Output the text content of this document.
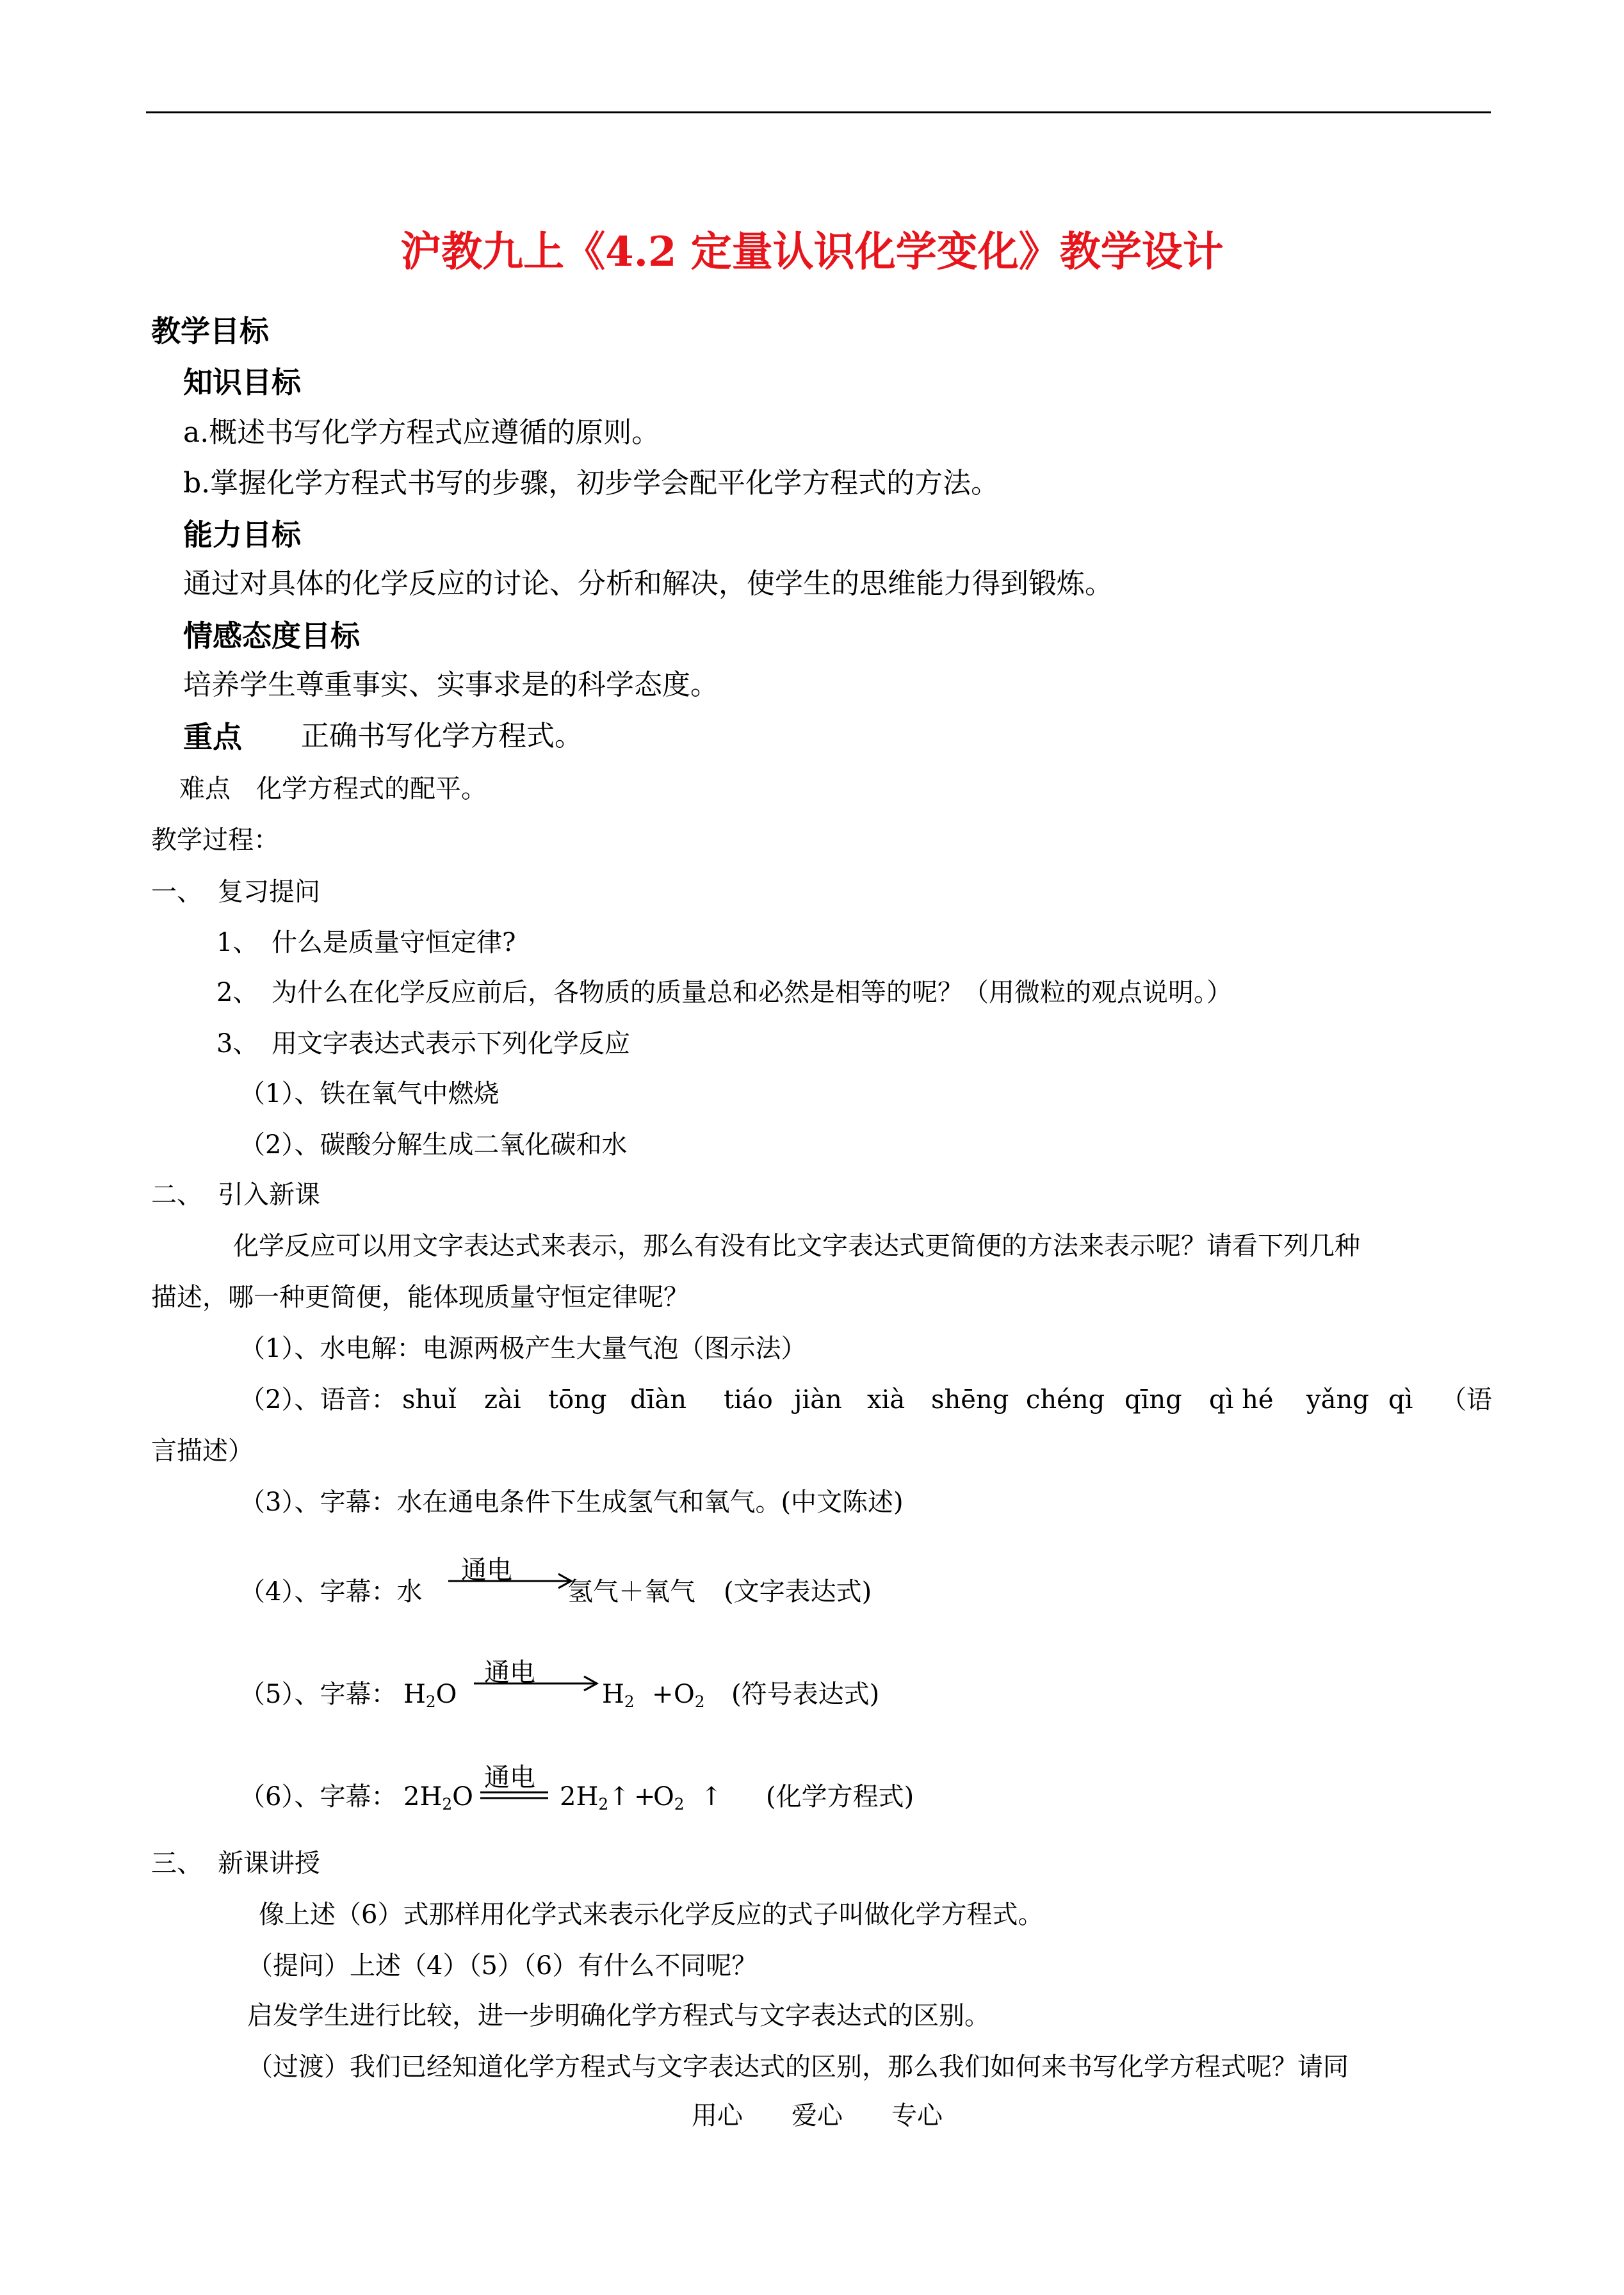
沪教九上《4.2 定量认识化学变化》教学设计
教学目标
知识目标
a.概述书写化学方程式应遵循的原则。
b.掌握化学方程式书写的步骤，初步学会配平化学方程式的方法。
能力目标
通过对具体的化学反应的讨论、分析和解决，使学生的思维能力得到锻炼。
情感态度目标
培养学生尊重事实、实事求是的科学态度。
重点 正确书写化学方程式。
难点 化学方程式的配平。
教学过程：
一、 复习提问
1、 什么是质量守恒定律?
2、 为什么在化学反应前后，各物质的质量总和必然是相等的呢？（用微粒的观点说明。）
3、 用文字表达式表示下列化学反应
（1）、铁在氧气中燃烧
（2）、碳酸分解生成二氧化碳和水
二、 引入新课
化学反应可以用文字表达式来表示，那么有没有比文字表达式更简便的方法来表示呢？请看下列几种
描述，哪一种更简便，能体现质量守恒定律呢？
（1）、水电解：电源两极产生大量气泡（图示法）
（2）、语音： shuǐ zài tōng dīàn tiáo jiàn xià shēng chéng qīng qì hé yǎng qì （语
言描述）
（3）、字幕：水在通电条件下生成氢气和氧气。(中文陈述)
（4）、字幕：水
通电
氢气＋氧气 (文字表达式)
（5）、字幕： $H_2O$
通电
$H_2 + O_2$ (符号表达式)
（6）、字幕： $2H_2O$
通电
$2H_2↑$ +
$O_2$ ↑ (化学方程式)
三、 新课讲授
像上述（6）式那样用化学式来表示化学反应的式子叫做化学方程式。
（提问）上述（4）（5）（6）有什么不同呢？
启发学生进行比较，进一步明确化学方程式与文字表达式的区别。
（过渡）我们已经知道化学方程式与文字表达式的区别，那么我们如何来书写化学方程式呢？请同
用心 爱心 专心
